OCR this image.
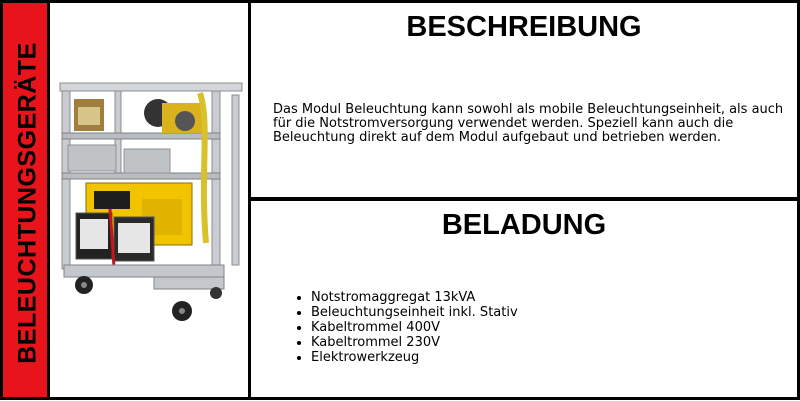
BELEUCHTUNGSGERÄTE
BESCHREIBUNG
Das Modul Beleuchtung kann sowohl als mobile Beleuchtungseinheit, als auch für die Notstromversorgung verwendet werden. Speziell kann auch die Beleuchtung direkt auf dem Modul aufgebaut und betrieben werden.
BELADUNG
• Notstromaggregat 13kVA
• Beleuchtungseinheit inkl. Stativ
• Kabeltrommel 400V
• Kabeltrommel 230V
• Elektrowerkzeug
